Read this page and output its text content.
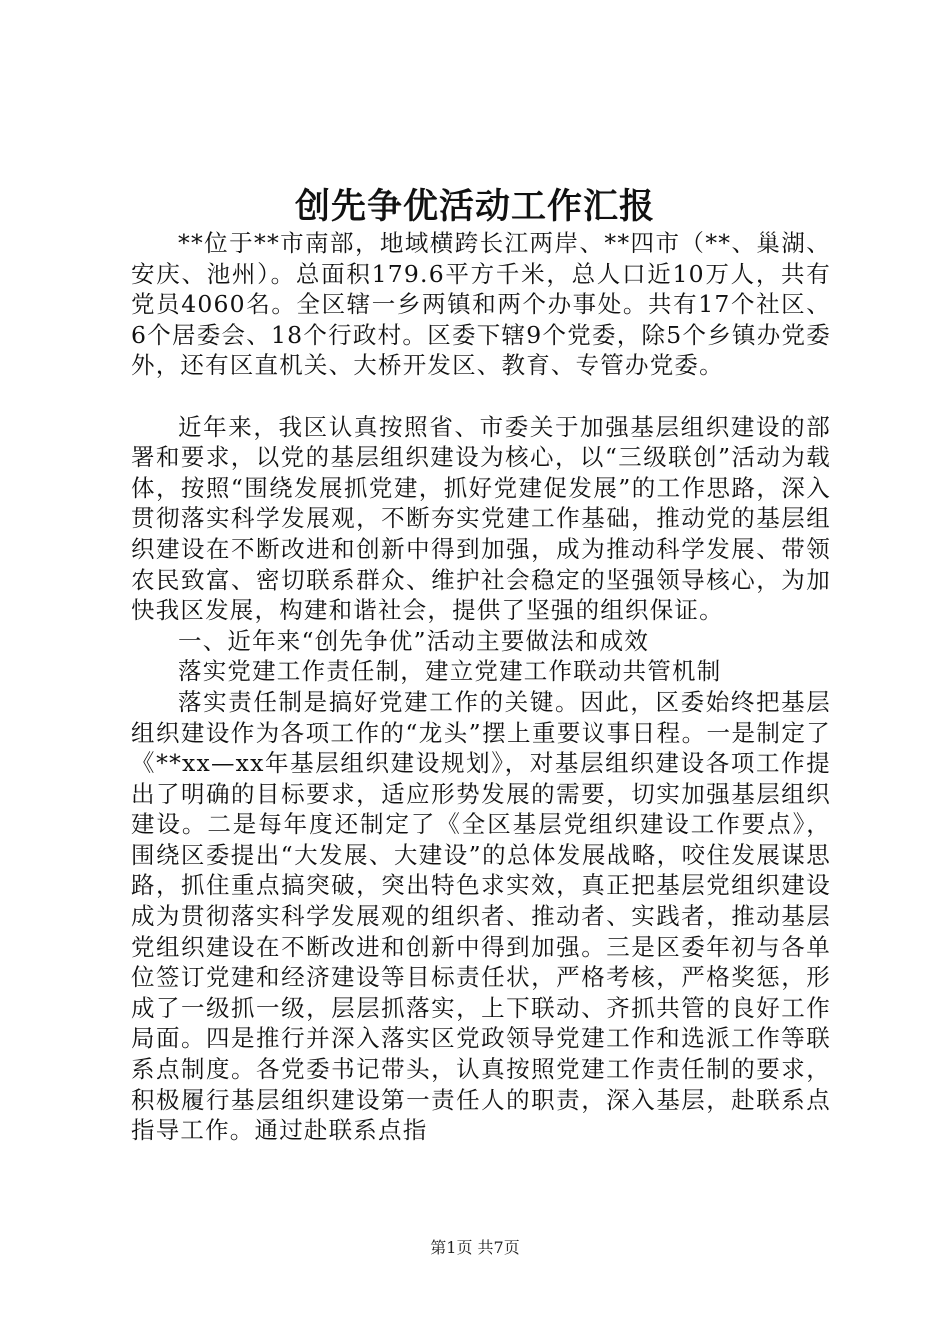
创先争优活动工作汇报

**位于**市南部，地域横跨长江两岸、**四市（**、巢湖、安庆、池州）。总面积179.6平方千米，总人口近10万人，共有党员4060名。全区辖一乡两镇和两个办事处。共有17个社区、6个居委会、18个行政村。区委下辖9个党委，除5个乡镇办党委外，还有区直机关、大桥开发区、教育、专管办党委。

近年来，我区认真按照省、市委关于加强基层组织建设的部署和要求，以党的基层组织建设为核心，以“三级联创”活动为载体，按照“围绕发展抓党建，抓好党建促发展”的工作思路，深入贯彻落实科学发展观，不断夯实党建工作基础，推动党的基层组织建设在不断改进和创新中得到加强，成为推动科学发展、带领农民致富、密切联系群众、维护社会稳定的坚强领导核心，为加快我区发展，构建和谐社会，提供了坚强的组织保证。

一、近年来“创先争优”活动主要做法和成效

落实党建工作责任制，建立党建工作联动共管机制

落实责任制是搞好党建工作的关键。因此，区委始终把基层组织建设作为各项工作的“龙头”摆上重要议事日程。一是制定了《**xx—xx年基层组织建设规划》，对基层组织建设各项工作提出了明确的目标要求，适应形势发展的需要，切实加强基层组织建设。二是每年度还制定了《全区基层党组织建设工作要点》，围绕区委提出“大发展、大建设”的总体发展战略，咬住发展谋思路，抓住重点搞突破，突出特色求实效，真正把基层党组织建设成为贯彻落实科学发展观的组织者、推动者、实践者，推动基层党组织建设在不断改进和创新中得到加强。三是区委年初与各单位签订党建和经济建设等目标责任状，严格考核，严格奖惩，形成了一级抓一级，层层抓落实，上下联动、齐抓共管的良好工作局面。四是推行并深入落实区党政领导党建工作和选派工作等联系点制度。各党委书记带头，认真按照党建工作责任制的要求，积极履行基层组织建设第一责任人的职责，深入基层，赴联系点指导工作。通过赴联系点指

第1页 共7页
